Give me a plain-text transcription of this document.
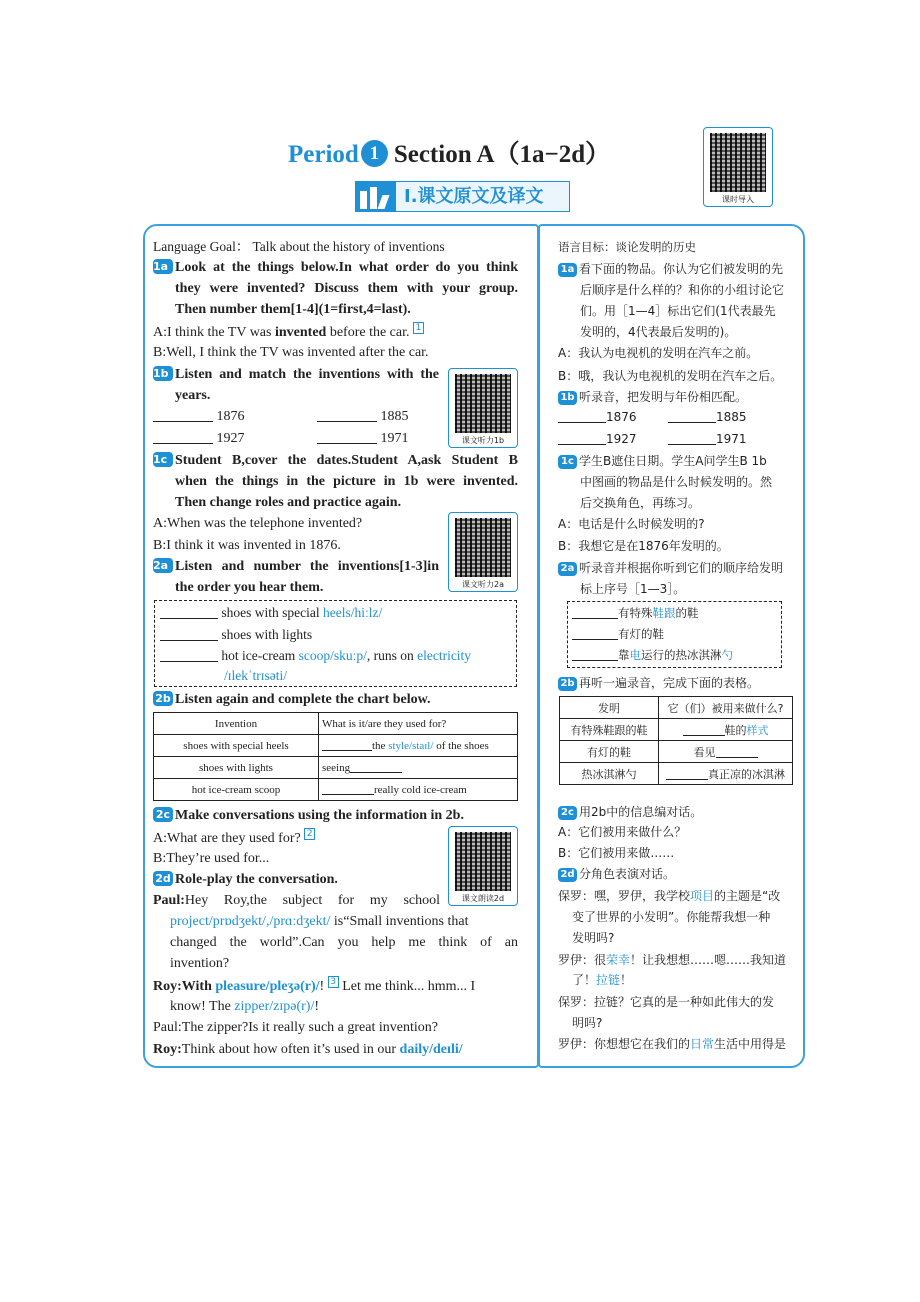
Period 1 Section A（1a−2d）
课时导入
Ⅰ.课文原文及译文
Language Goal： Talk about the history of inventions
1a Look at the things below.In what order do you think
they were invented? Discuss them with your group.
Then number them[1-4](1=first,4=last).
A:I think the TV was invented before the car. 1
B:Well, I think the TV was invented after the car.
1b Listen and match the inventions with the
years.
1876	1885
1927	1971	课文听力1b
1c Student B,cover the dates.Student A,ask Student B
when the things in the picture in 1b were invented.
Then change roles and practice again.
A:When was the telephone invented?
B:I think it was invented in 1876.
课文听力2a
2a Listen and number the inventions[1-3]in
the order you hear them.
shoes with special heels/hiːlz/
shoes with lights
hot ice-cream scoop/skuːp/, runs on electricity
/ɪlekˈtrɪsəti/
2b Listen again and complete the chart below.
Invention	What is it/are they used for?
shoes with special heels	the style/staɪl/ of the shoes
shoes with lights	seeing
hot ice-cream scoop	really cold ice-cream
2c Make conversations using the information in 2b.
A:What are they used for? 2
B:They’re used for...
课文朗读2d
2d Role-play the conversation.
Paul:Hey Roy,the subject for my school
project/prɒdʒekt/,/prɑːdʒekt/ is“Small inventions that
changed the world”.Can you help me think of an
invention?
Roy:With pleasure/pleʒə(r)/! 3 Let me think... hmm... I
know! The zipper/zɪpə(r)/!
Paul:The zipper?Is it really such a great invention?
Roy:Think about how often it’s used in our daily/deɪli/
语言目标：谈论发明的历史
1a 看下面的物品。你认为它们被发明的先
后顺序是什么样的？和你的小组讨论它
们。用［1—4］标出它们(1代表最先
发明的，4代表最后发明的)。
A：我认为电视机的发明在汽车之前。
B：哦，我认为电视机的发明在汽车之后。
1b 听录音，把发明与年份相匹配。
1876	1885
1927	1971
1c 学生B遮住日期。学生A问学生B 1b
中图画的物品是什么时候发明的。然
后交换角色，再练习。
A：电话是什么时候发明的?
B：我想它是在1876年发明的。
2a 听录音并根据你听到它们的顺序给发明
标上序号［1—3］。
有特殊鞋跟的鞋
有灯的鞋
靠电运行的热冰淇淋勺
2b 再听一遍录音，完成下面的表格。
发明	它（们）被用来做什么?
有特殊鞋跟的鞋	鞋的样式
有灯的鞋	看见
热冰淇淋勺	真正凉的冰淇淋
2c 用2b中的信息编对话。
A：它们被用来做什么？
B：它们被用来做……
2d 分角色表演对话。
保罗：嘿，罗伊，我学校项目的主题是“改
变了世界的小发明”。你能帮我想一种
发明吗?
罗伊：很荣幸！让我想想……嗯……我知道
了！拉链！
保罗：拉链？它真的是一种如此伟大的发
明吗?
罗伊：你想想它在我们的日常生活中用得是
